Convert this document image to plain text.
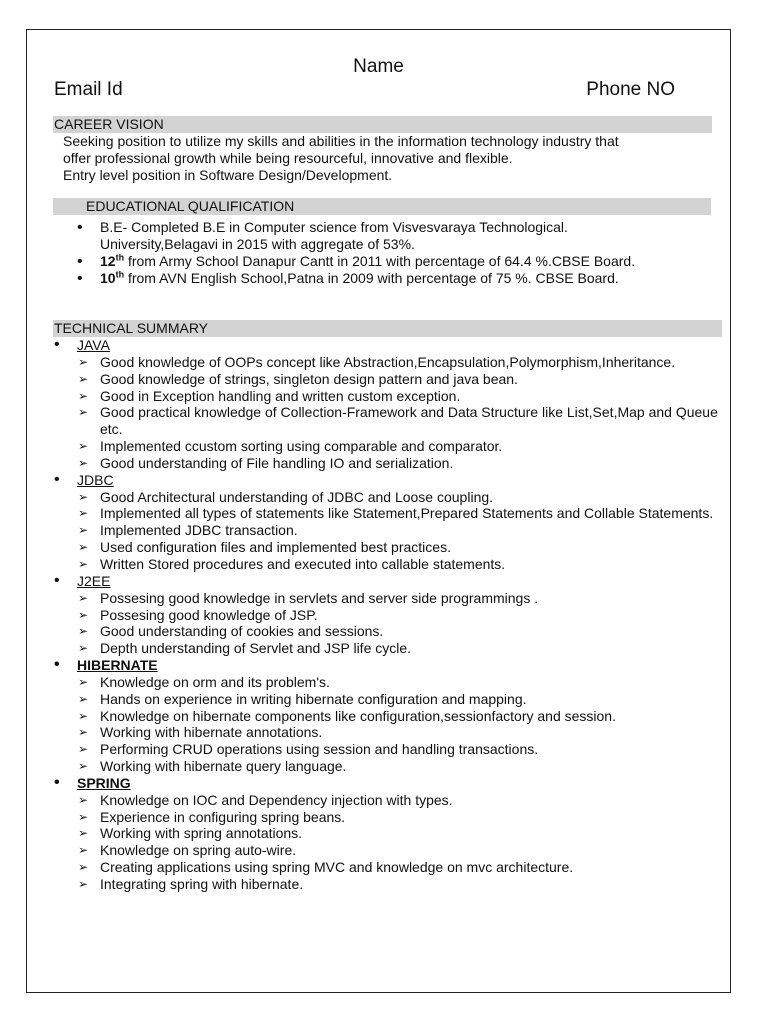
Name
Email Id	Phone NO
CAREER VISION
Seeking position to utilize my skills and abilities in the information technology industry that
offer professional growth while being resourceful, innovative and flexible.
Entry level position in Software Design/Development.
EDUCATIONAL QUALIFICATION
• B.E- Completed B.E in Computer science from Visvesvaraya Technological.
University,Belagavi in 2015 with aggregate of 53%.
• 12th from Army School Danapur Cantt in 2011 with percentage of 64.4 %.CBSE Board.
• 10th from AVN English School,Patna in 2009 with percentage of 75 %. CBSE Board.
TECHNICAL SUMMARY
• JAVA
➢ Good knowledge of OOPs concept like Abstraction,Encapsulation,Polymorphism,Inheritance.
➢ Good knowledge of strings, singleton design pattern and java bean.
➢ Good in Exception handling and written custom exception.
➢ Good practical knowledge of Collection-Framework and Data Structure like List,Set,Map and Queue etc.
➢ Implemented ccustom sorting using comparable and comparator.
➢ Good understanding of File handling IO and serialization.
• JDBC
➢ Good Architectural understanding of JDBC and Loose coupling.
➢ Implemented all types of statements like Statement,Prepared Statements and Collable Statements.
➢ Implemented JDBC transaction.
➢ Used configuration files and implemented best practices.
➢ Written Stored procedures and executed into callable statements.
• J2EE
➢ Possesing good knowledge in servlets and server side programmings .
➢ Possesing good knowledge of JSP.
➢ Good understanding of cookies and sessions.
➢ Depth understanding of Servlet and JSP life cycle.
• HIBERNATE
➢ Knowledge on orm and its problem's.
➢ Hands on experience in writing hibernate configuration and mapping.
➢ Knowledge on hibernate components like configuration,sessionfactory and session.
➢ Working with hibernate annotations.
➢ Performing CRUD operations using session and handling transactions.
➢ Working with hibernate query language.
• SPRING
➢ Knowledge on IOC and Dependency injection with types.
➢ Experience in configuring spring beans.
➢ Working with spring annotations.
➢ Knowledge on spring auto-wire.
➢ Creating applications using spring MVC and knowledge on mvc architecture.
➢ Integrating spring with hibernate.
